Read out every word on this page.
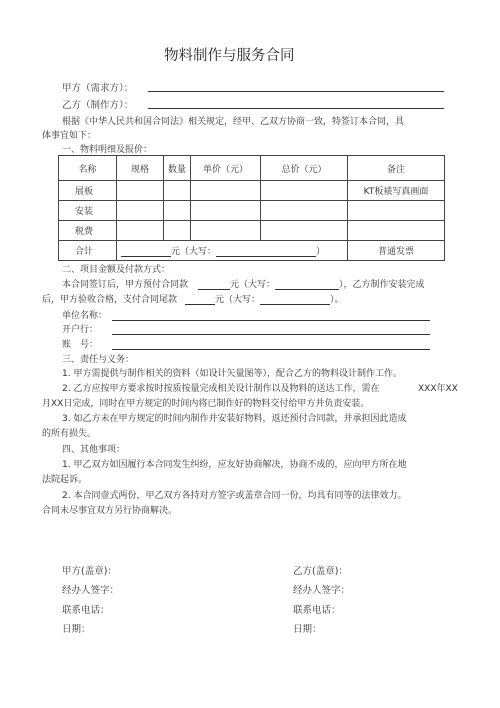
物料制作与服务合同
甲方（需求方）：
乙方（制作方）：
根据《中华人民共和国合同法》相关规定，经甲、乙双方协商一致，特签订本合同，具
体事宜如下：
一、物料明细及报价：
名称	规格	数量	单价（元）	总价（元）	备注
展板					KT板裱写真画面
安装					
税费					
合计	元（大写： ）				普通发票
二、项目金额及付款方式：
本合同签订后，甲方预付合同款	元（大写：	），乙方制作安装完成
后，甲方验收合格，支付合同尾款	元（大写：	）。
单位名称：
开户行：
账　号：
三、责任与义务：
1. 甲方需提供与制作相关的资料（如设计矢量图等），配合乙方的物料设计制作工作。
2. 乙方应按甲方要求按时按质按量完成相关设计制作以及物料的送达工作，需在	XXX年XX
月XX日完成，同时在甲方规定的时间内将已制作好的物料交付给甲方并负责安装。
3. 如乙方未在甲方规定的时间内制作并安装好物料，返还预付合同款，并承担因此造成
的所有损失。
四、其他事项：
1. 甲乙双方如因履行本合同发生纠纷，应友好协商解决，协商不成的，应向甲方所在地
法院起诉。
2. 本合同壹式两份，甲乙双方各持对方签字或盖章合同一份，均具有同等的法律效力。
合同未尽事宜双方另行协商解决。
甲方(盖章)：	乙方(盖章)：
经办人签字：	经办人签字：
联系电话：	联系电话：
日期：	日期：
